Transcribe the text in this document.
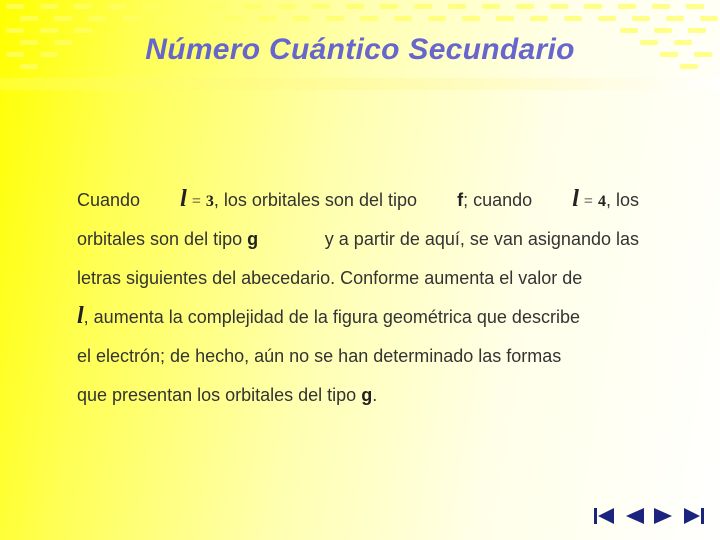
Número Cuántico Secundario
Cuando l = 3, los orbitales son del tipo f; cuando l = 4, los
orbitales son del tipo g	y a partir de aquí, se van asignando las
letras siguientes del abecedario. Conforme aumenta el valor de
l , aumenta la complejidad de la figura geométrica que describe
el electrón; de hecho, aún no se han determinado las formas
que presentan los orbitales del tipo
g .
